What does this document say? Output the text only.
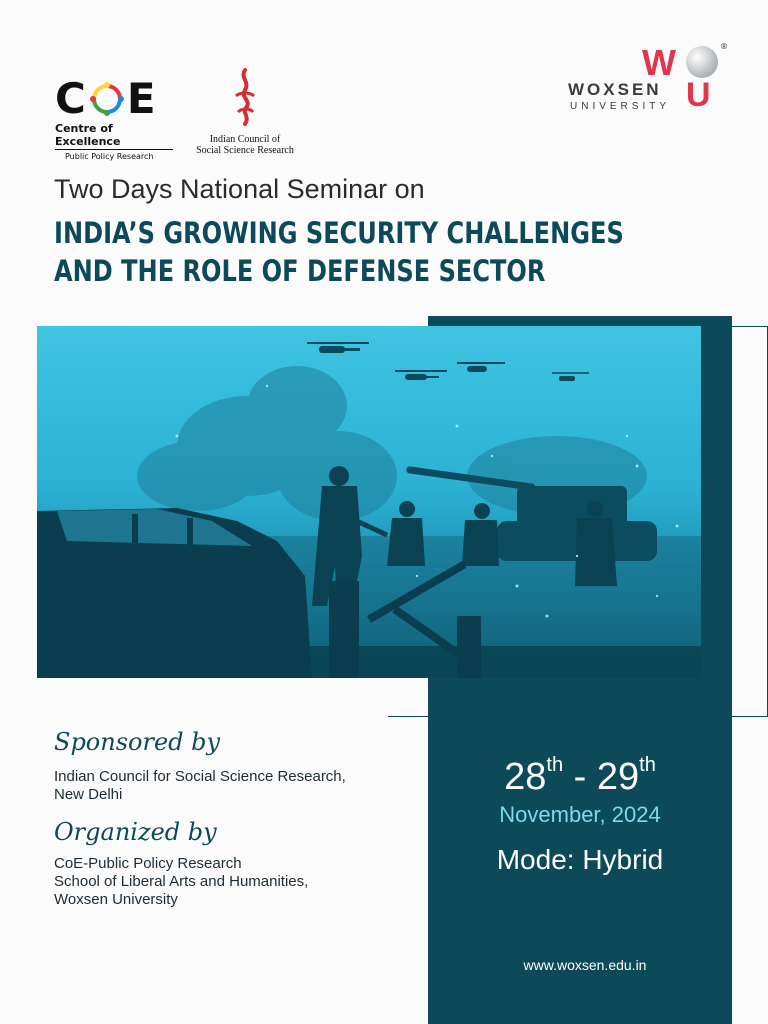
C E
Centre of Excellence
Public Policy Research
Indian Council of
Social Science Research
W	®
WOXSEN
UNIVERSITY U
Two Days National Seminar on
INDIA’S GROWING SECURITY CHALLENGES
AND THE ROLE OF DEFENSE SECTOR
Sponsored by
Indian Council for Social Science Research,
New Delhi
Organized by
CoE-Public Policy Research
School of Liberal Arts and Humanities,
Woxsen University
28th - 29th
November, 2024
Mode: Hybrid
www.woxsen.edu.in
